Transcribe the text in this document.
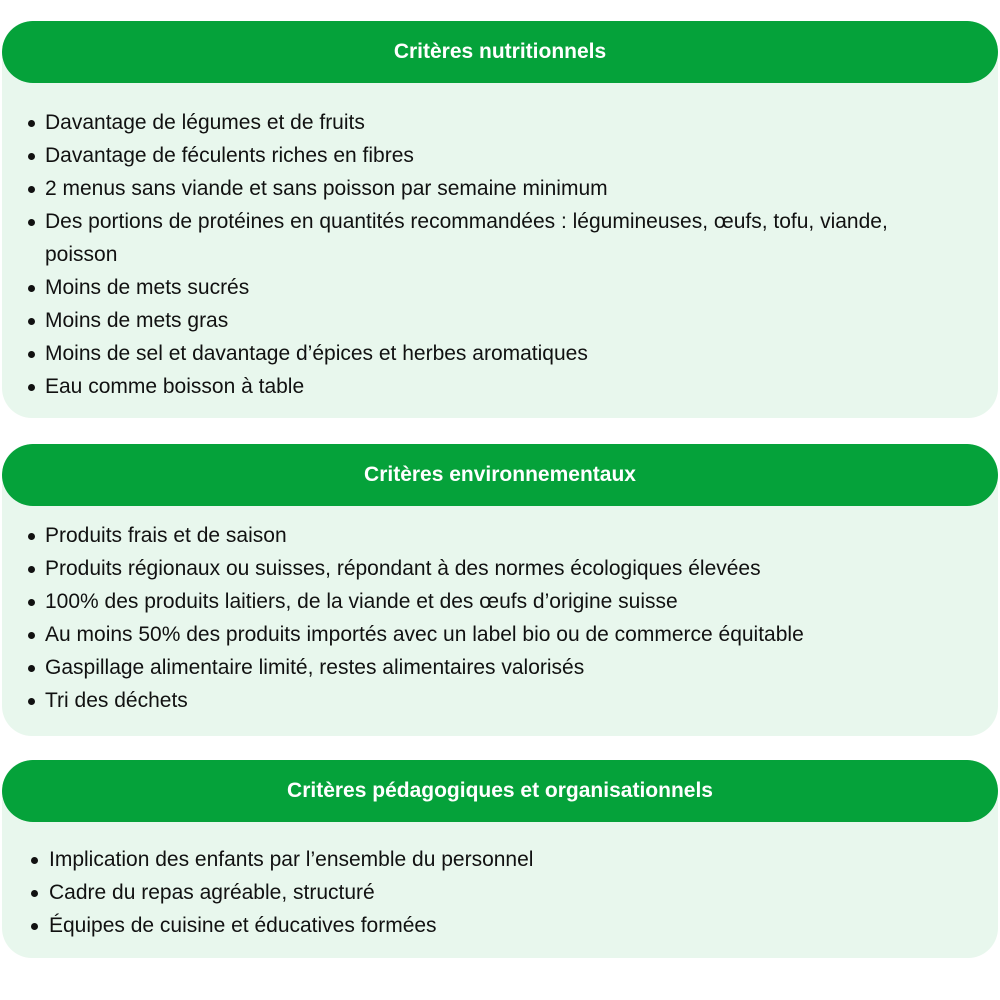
Critères nutritionnels
Davantage de légumes et de fruits
Davantage de féculents riches en fibres
2 menus sans viande et sans poisson par semaine minimum
Des portions de protéines en quantités recommandées : légumineuses, œufs, tofu, viande, poisson
Moins de mets sucrés
Moins de mets gras
Moins de sel et davantage d’épices et herbes aromatiques
Eau comme boisson à table
Critères environnementaux
Produits frais et de saison
Produits régionaux ou suisses, répondant à des normes écologiques élevées
100% des produits laitiers, de la viande et des œufs d’origine suisse
Au moins 50% des produits importés avec un label bio ou de commerce équitable
Gaspillage alimentaire limité, restes alimentaires valorisés
Tri des déchets
Critères pédagogiques et organisationnels
Implication des enfants par l’ensemble du personnel
Cadre du repas agréable, structuré
Équipes de cuisine et éducatives formées
